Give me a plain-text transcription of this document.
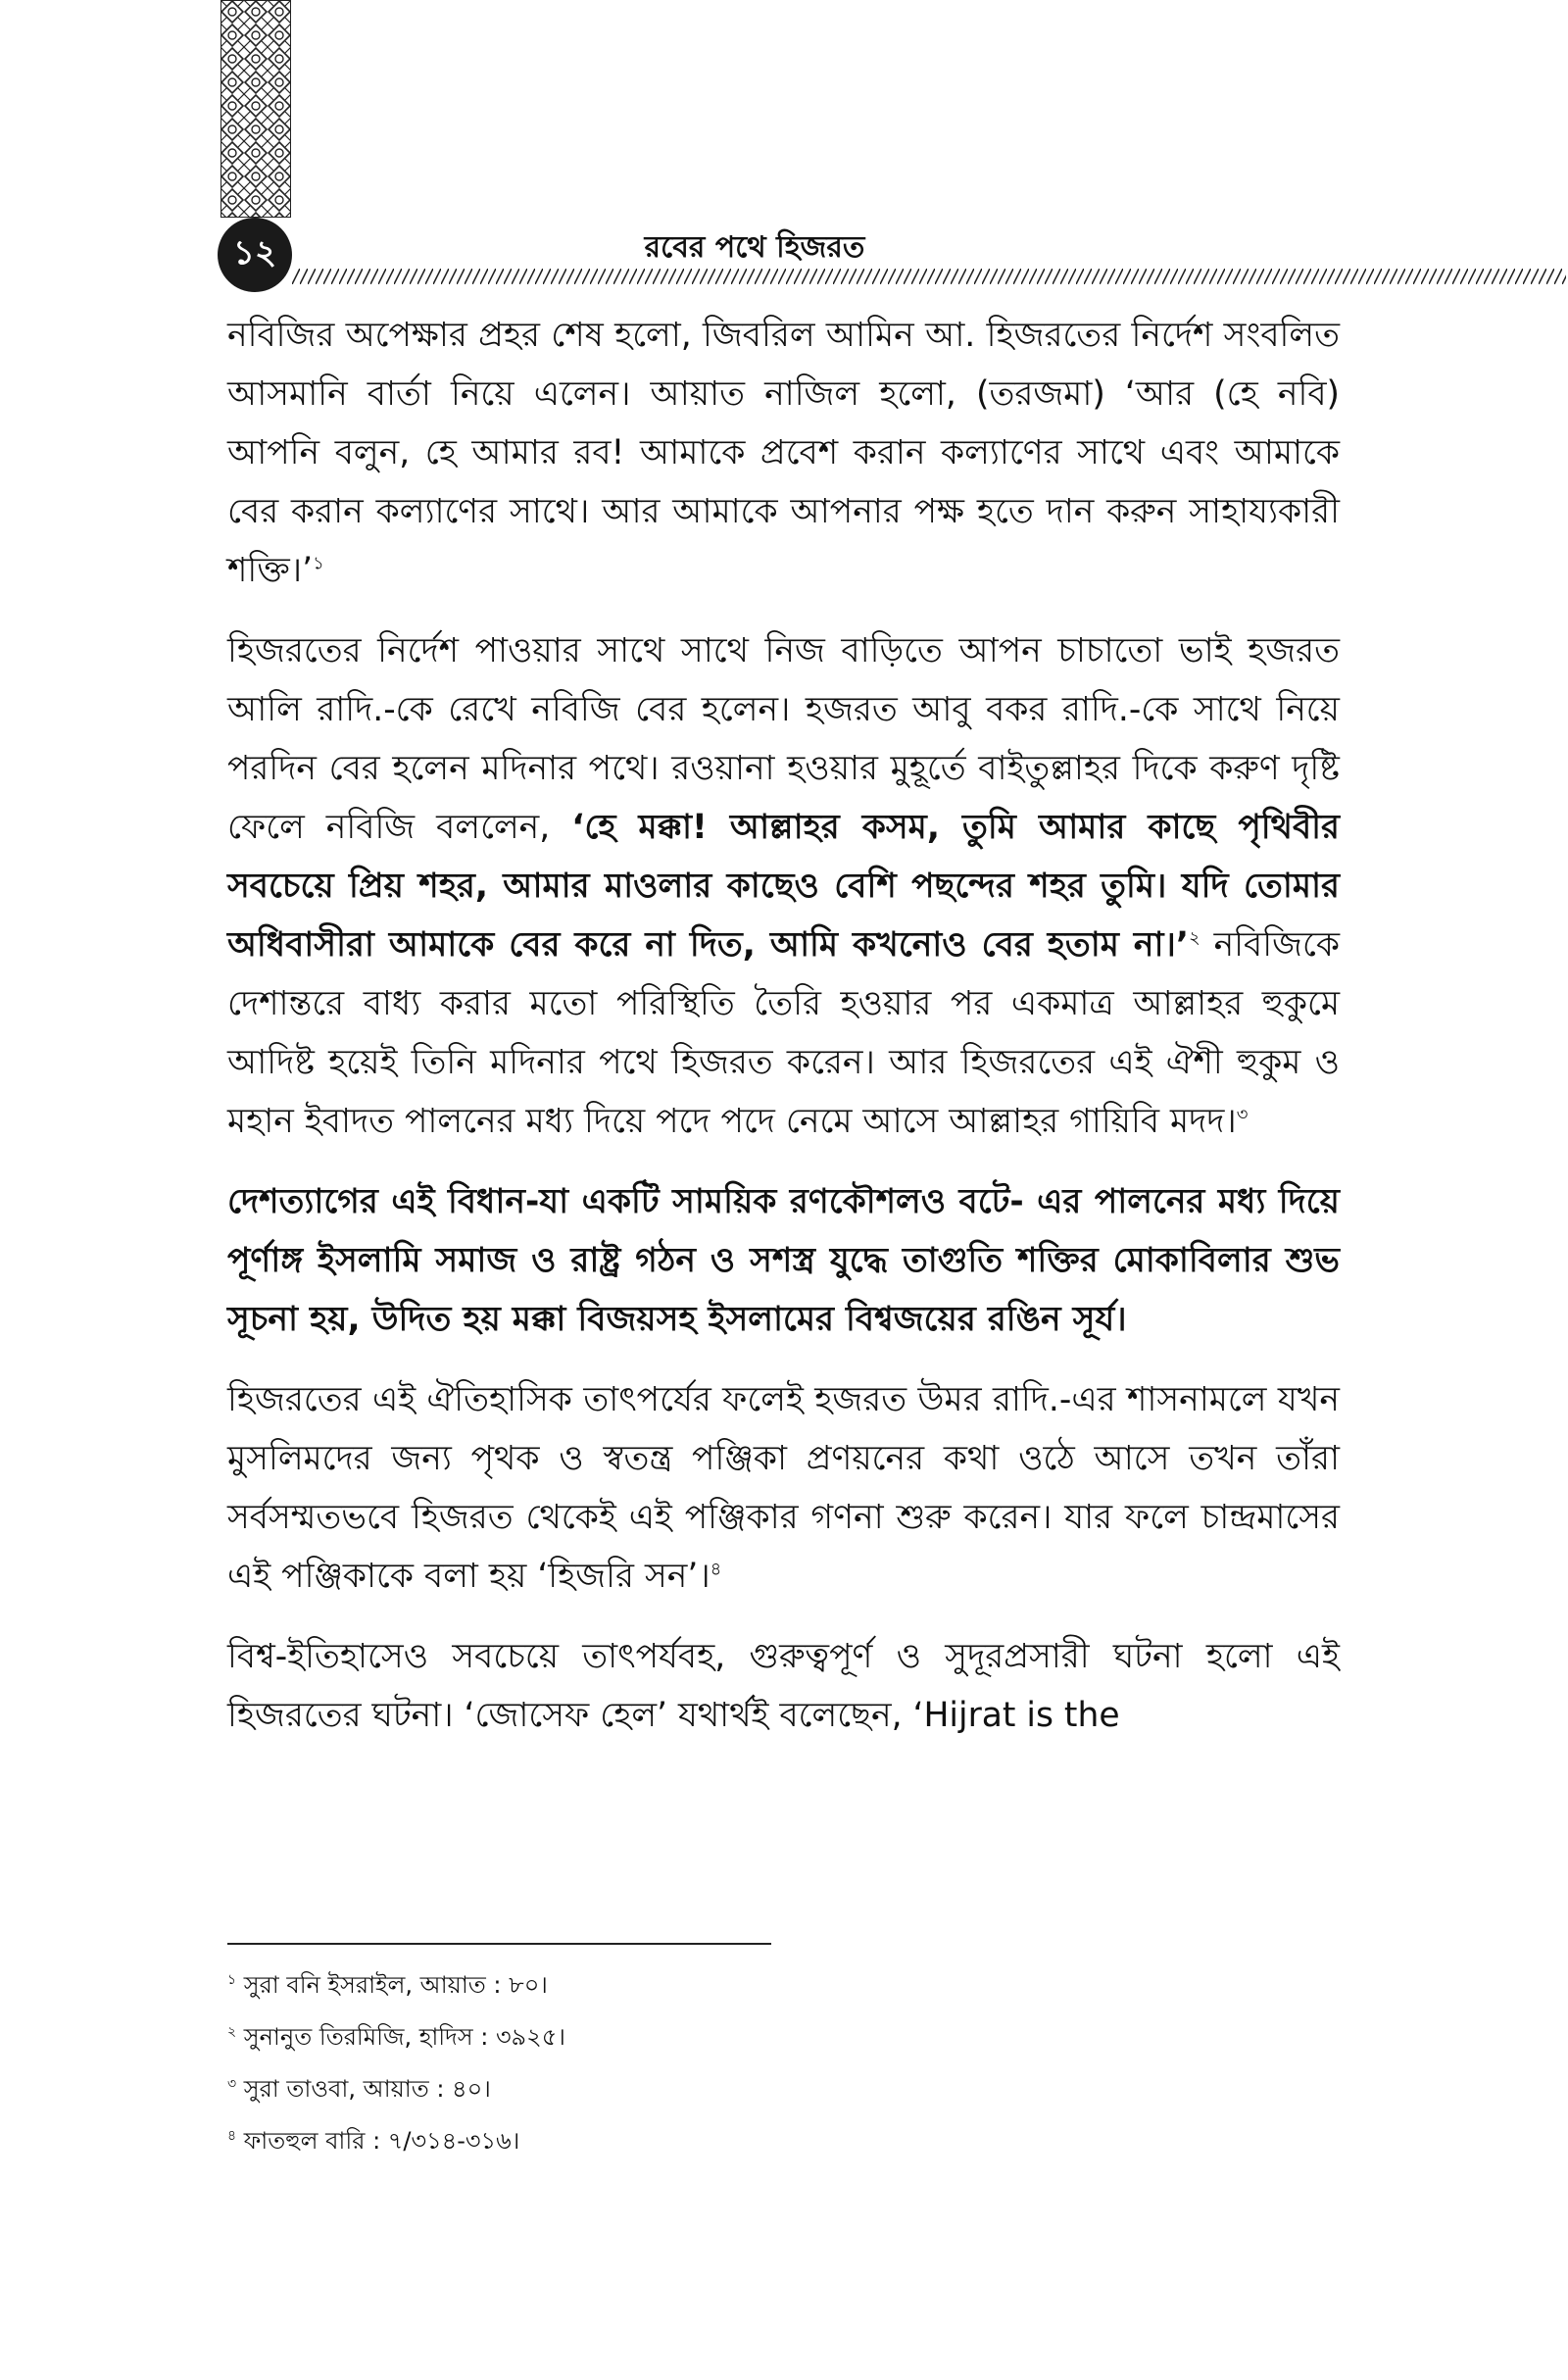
১২	রবের পথে হিজরত

নবিজির অপেক্ষার প্রহর শেষ হলো, জিবরিল আমিন আ. হিজরতের নির্দেশ সংবলিত আসমানি বার্তা নিয়ে এলেন। আয়াত নাজিল হলো, (তরজমা) ‘আর (হে নবি) আপনি বলুন, হে আমার রব! আমাকে প্রবেশ করান কল্যাণের সাথে এবং আমাকে বের করান কল্যাণের সাথে। আর আমাকে আপনার পক্ষ হতে দান করুন সাহায্যকারী শক্তি।’$^১$

হিজরতের নির্দেশ পাওয়ার সাথে সাথে নিজ বাড়িতে আপন চাচাতো ভাই হজরত আলি রাদি.-কে রেখে নবিজি বের হলেন। হজরত আবু বকর রাদি.-কে সাথে নিয়ে পরদিন বের হলেন মদিনার পথে। রওয়ানা হওয়ার মুহূর্তে বাইতুল্লাহর দিকে করুণ দৃষ্টি ফেলে নবিজি বললেন, ‘হে মক্কা! আল্লাহর কসম, তুমি আমার কাছে পৃথিবীর সবচেয়ে প্রিয় শহর, আমার মাওলার কাছেও বেশি পছন্দের শহর তুমি। যদি তোমার অধিবাসীরা আমাকে বের করে না দিত, আমি কখনোও বের হতাম না।’$^২$ নবিজিকে দেশান্তরে বাধ্য করার মতো পরিস্থিতি তৈরি হওয়ার পর একমাত্র আল্লাহর হুকুমে আদিষ্ট হয়েই তিনি মদিনার পথে হিজরত করেন। আর হিজরতের এই ঐশী হুকুম ও মহান ইবাদত পালনের মধ্য দিয়ে পদে পদে নেমে আসে আল্লাহর গায়িবি মদদ।$^৩$

দেশত্যাগের এই বিধান-যা একটি সাময়িক রণকৌশলও বটে- এর পালনের মধ্য দিয়ে পূর্ণাঙ্গ ইসলামি সমাজ ও রাষ্ট্র গঠন ও সশস্ত্র যুদ্ধে তাগুতি শক্তির মোকাবিলার শুভ সূচনা হয়, উদিত হয় মক্কা বিজয়সহ ইসলামের বিশ্বজয়ের রঙিন সূর্য।

হিজরতের এই ঐতিহাসিক তাৎপর্যের ফলেই হজরত উমর রাদি.-এর শাসনামলে যখন মুসলিমদের জন্য পৃথক ও স্বতন্ত্র পঞ্জিকা প্রণয়নের কথা ওঠে আসে তখন তাঁরা সর্বসম্মতভবে হিজরত থেকেই এই পঞ্জিকার গণনা শুরু করেন। যার ফলে চান্দ্রমাসের এই পঞ্জিকাকে বলা হয় ‘হিজরি সন’।$^৪$

বিশ্ব-ইতিহাসেও সবচেয়ে তাৎপর্যবহ, গুরুত্বপূর্ণ ও সুদূরপ্রসারী ঘটনা হলো এই হিজরতের ঘটনা। ‘জোসেফ হেল’ যথার্থই বলেছেন, ‘Hijrat is the

$^১$ সুরা বনি ইসরাইল, আয়াত : ৮০।

$^২$ সুনানুত তিরমিজি, হাদিস : ৩৯২৫।

$^৩$ সুরা তাওবা, আয়াত : ৪০।

$^৪$ ফাতহুল বারি : ৭/৩১৪-৩১৬।
